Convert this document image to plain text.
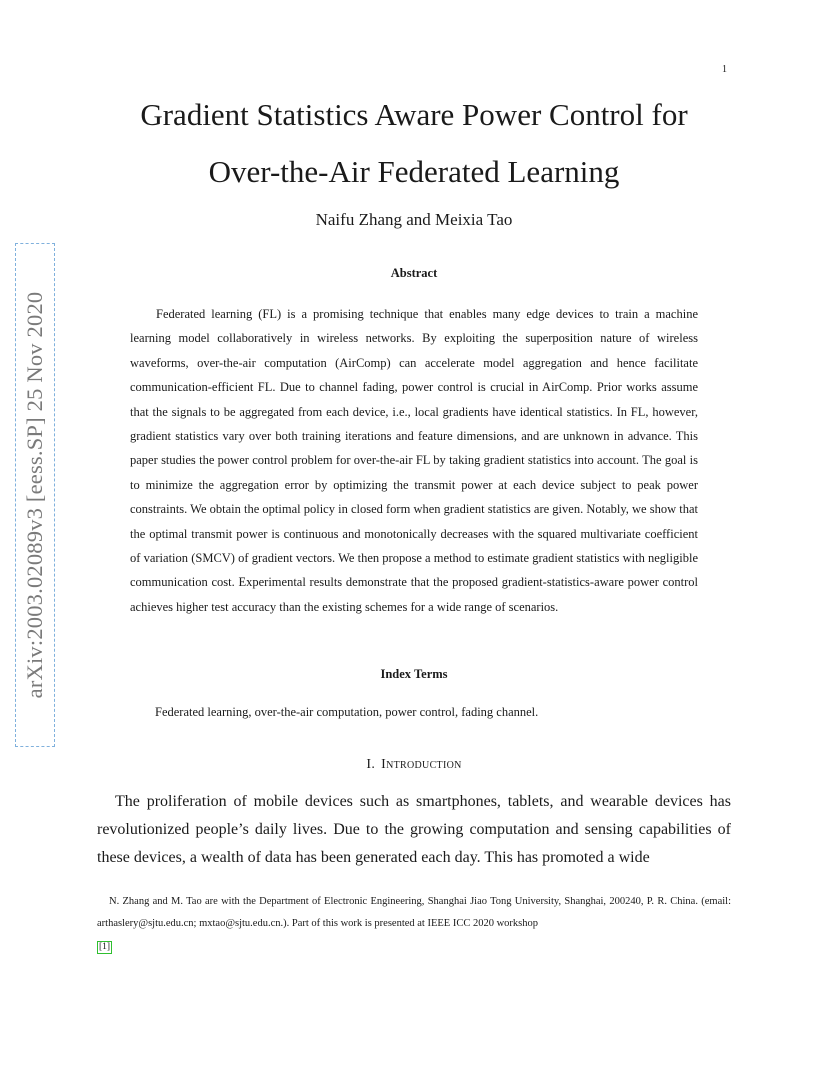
1
arXiv:2003.02089v3 [eess.SP] 25 Nov 2020
Gradient Statistics Aware Power Control for
Over-the-Air Federated Learning
Naifu Zhang and Meixia Tao
Abstract

Federated learning (FL) is a promising technique that enables many edge devices to train a machine learning model collaboratively in wireless networks. By exploiting the superposition nature of wireless waveforms, over-the-air computation (AirComp) can accelerate model aggregation and hence facilitate communication-efficient FL. Due to channel fading, power control is crucial in AirComp. Prior works assume that the signals to be aggregated from each device, i.e., local gradients have identical statistics. In FL, however, gradient statistics vary over both training iterations and feature dimensions, and are unknown in advance. This paper studies the power control problem for over-the-air FL by taking gradient statistics into account. The goal is to minimize the aggregation error by optimizing the transmit power at each device subject to peak power constraints. We obtain the optimal policy in closed form when gradient statistics are given. Notably, we show that the optimal transmit power is continuous and monotonically decreases with the squared multivariate coefficient of variation (SMCV) of gradient vectors. We then propose a method to estimate gradient statistics with negligible communication cost. Experimental results demonstrate that the proposed gradient-statistics-aware power control achieves higher test accuracy than the existing schemes for a wide range of scenarios.

Index Terms

Federated learning, over-the-air computation, power control, fading channel.

I. Introduction

The proliferation of mobile devices such as smartphones, tablets, and wearable devices has revolutionized people’s daily lives. Due to the growing computation and sensing capabilities of these devices, a wealth of data has been generated each day. This has promoted a wide

N. Zhang and M. Tao are with the Department of Electronic Engineering, Shanghai Jiao Tong University, Shanghai, 200240, P. R. China. (email: arthaslery@sjtu.edu.cn; mxtao@sjtu.edu.cn.). Part of this work is presented at IEEE ICC 2020 workshop
[1]
